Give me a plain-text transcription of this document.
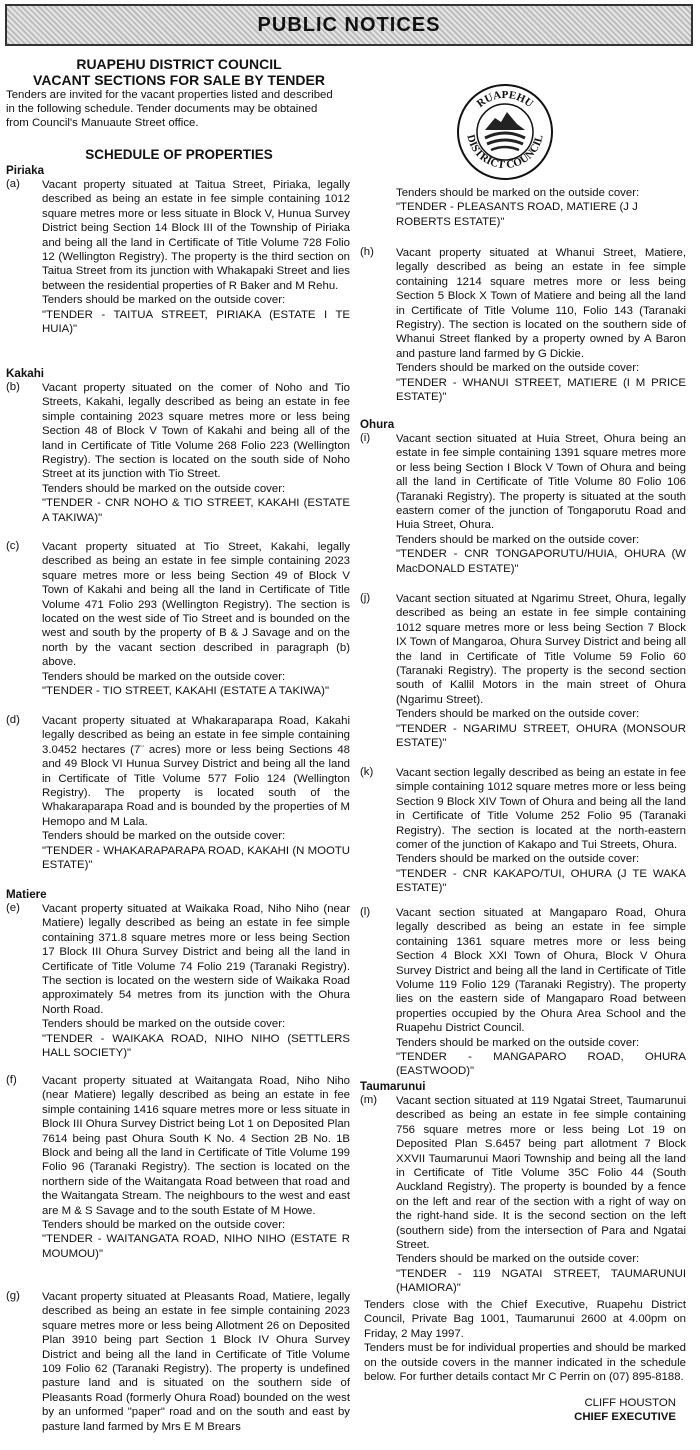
PUBLIC NOTICES
RUAPEHU DISTRICT COUNCIL
VACANT SECTIONS FOR SALE BY TENDER
Tenders are invited for the vacant properties listed and described in the following schedule. Tender documents may be obtained from Council's Manuaute Street office.
SCHEDULE OF PROPERTIES
Piriaka
(a) Vacant property situated at Taitua Street, Piriaka, legally described as being an estate in fee simple containing 1012 square metres more or less situate in Block V, Hunua Survey District being Section 14 Block III of the Township of Piriaka and being all the land in Certificate of Title Volume 728 Folio 12 (Wellington Registry). The property is the third section on Taitua Street from its junction with Whakapaki Street and lies between the residential properties of R Baker and M Rehu.

Tenders should be marked on the outside cover:

"TENDER - TAITUA STREET, PIRIAKA (ESTATE I TE HUIA)"

Kakahi
(b) Vacant property situated on the comer of Noho and Tio Streets, Kakahi, legally described as being an estate in fee simple containing 2023 square metres more or less being Section 48 of Block V Town of Kakahi and being all of the land in Certificate of Title Volume 268 Folio 223 (Wellington Registry). The section is located on the south side of Noho Street at its junction with Tio Street.

Tenders should be marked on the outside cover:

"TENDER - CNR NOHO & TIO STREET, KAKAHI (ESTATE A TAKIWA)"

(c) Vacant property situated at Tio Street, Kakahi, legally described as being an estate in fee simple containing 2023 square metres more or less being Section 49 of Block V Town of Kakahi and being all the land in Certificate of Title Volume 471 Folio 293 (Wellington Registry). The section is located on the west side of Tio Street and is bounded on the west and south by the property of B & J Savage and on the north by the vacant section described in paragraph (b) above.

Tenders should be marked on the outside cover:

"TENDER - TIO STREET, KAKAHI (ESTATE A TAKIWA)"

(d) Vacant property situated at Whakaraparapa Road, Kakahi legally described as being an estate in fee simple containing 3.0452 hectares (7¨ acres) more or less being Sections 48 and 49 Block VI Hunua Survey District and being all the land in Certificate of Title Volume 577 Folio 124 (Wellington Registry). The property is located south of the Whakaraparapa Road and is bounded by the properties of M Hemopo and M Lala.

Tenders should be marked on the outside cover:

"TENDER - WHAKARAPARAPA ROAD, KAKAHI (N MOOTU ESTATE)"

Matiere
(e) Vacant property situated at Waikaka Road, Niho Niho (near Matiere) legally described as being an estate in fee simple containing 371.8 square metres more or less being Section 17 Block III Ohura Survey District and being all the land in Certificate of Title Volume 74 Folio 219 (Taranaki Registry). The section is located on the western side of Waikaka Road approximately 54 metres from its junction with the Ohura North Road.

Tenders should be marked on the outside cover:

"TENDER - WAIKAKA ROAD, NIHO NIHO (SETTLERS HALL SOCIETY)"

(f) Vacant property situated at Waitangata Road, Niho Niho (near Matiere) legally described as being an estate in fee simple containing 1416 square metres more or less situate in Block III Ohura Survey District being Lot 1 on Deposited Plan 7614 being past Ohura South K No. 4 Section 2B No. 1B Block and being all the land in Certificate of Title Volume 199 Folio 96 (Taranaki Registry). The section is located on the northern side of the Waitangata Road between that road and the Waitangata Stream. The neighbours to the west and east are M & S Savage and to the south Estate of M Howe.

Tenders should be marked on the outside cover:

"TENDER - WAITANGATA ROAD, NIHO NIHO (ESTATE R MOUMOU)"

(g) Vacant property situated at Pleasants Road, Matiere, legally described as being an estate in fee simple containing 2023 square metres more or less being Allotment 26 on Deposited Plan 3910 being part Section 1 Block IV Ohura Survey District and being all the land in Certificate of Title Volume 109 Folio 62 (Taranaki Registry). The property is undefined pasture land and is situated on the southern side of Pleasants Road (formerly Ohura Road) bounded on the west by an unformed "paper" road and on the south and east by pasture land farmed by Mrs E M Brears

RUAPEHU
DISTRICT COUNCIL

Tenders should be marked on the outside cover:

"TENDER - PLEASANTS ROAD, MATIERE (J J ROBERTS ESTATE)"

(h) Vacant property situated at Whanui Street, Matiere, legally described as being an estate in fee simple containing 1214 square metres more or less being Section 5 Block X Town of Matiere and being all the land in Certificate of Title Volume 110, Folio 143 (Taranaki Registry). The section is located on the southern side of Whanui Street flanked by a property owned by A Baron and pasture land farmed by G Dickie.

Tenders should be marked on the outside cover:

"TENDER - WHANUI STREET, MATIERE (I M PRICE ESTATE)"

Ohura
(i) Vacant section situated at Huia Street, Ohura being an estate in fee simple containing 1391 square metres more or less being Section I Block V Town of Ohura and being all the land in Certificate of Title Volume 80 Folio 106 (Taranaki Registry). The property is situated at the south eastern comer of the junction of Tongaporutu Road and Huia Street, Ohura.

Tenders should be marked on the outside cover:

"TENDER - CNR TONGAPORUTU/HUIA, OHURA (W MacDONALD ESTATE)"

(j) Vacant section situated at Ngarimu Street, Ohura, legally described as being an estate in fee simple containing 1012 square metres more or less being Section 7 Block IX Town of Mangaroa, Ohura Survey District and being all the land in Certificate of Title Volume 59 Folio 60 (Taranaki Registry). The property is the second section south of Kallil Motors in the main street of Ohura (Ngarimu Street).

Tenders should be marked on the outside cover:

"TENDER - NGARIMU STREET, OHURA (MONSOUR ESTATE)"

(k) Vacant section legally described as being an estate in fee simple containing 1012 square metres more or less being Section 9 Block XIV Town of Ohura and being all the land in Certificate of Title Volume 252 Folio 95 (Taranaki Registry). The section is located at the north-eastern comer of the junction of Kakapo and Tui Streets, Ohura.

Tenders should be marked on the outside cover:

"TENDER - CNR KAKAPO/TUI, OHURA (J TE WAKA ESTATE)"

(l) Vacant section situated at Mangaparo Road, Ohura legally described as being an estate in fee simple containing 1361 square metres more or less being Section 4 Block XXI Town of Ohura, Block V Ohura Survey District and being all the land in Certificate of Title Volume 119 Folio 129 (Taranaki Registry). The property lies on the eastern side of Mangaparo Road between properties occupied by the Ohura Area School and the Ruapehu District Council.

Tenders should be marked on the outside cover:

"TENDER - MANGAPARO ROAD, OHURA (EASTWOOD)"

Taumarunui
(m) Vacant section situated at 119 Ngatai Street, Taumarunui described as being an estate in fee simple containing 756 square metres more or less being Lot 19 on Deposited Plan S.6457 being part allotment 7 Block XXVII Taumarunui Maori Township and being all the land in Certificate of Title Volume 35C Folio 44 (South Auckland Registry). The property is bounded by a fence on the left and rear of the section with a right of way on the right-hand side. It is the second section on the left (southern side) from the intersection of Para and Ngatai Street.

Tenders should be marked on the outside cover:

"TENDER - 119 NGATAI STREET, TAUMARUNUI (HAMIORA)"

Tenders close with the Chief Executive, Ruapehu District Council, Private Bag 1001, Taumarunui 2600 at 4.00pm on Friday, 2 May 1997.

Tenders must be for individual properties and should be marked on the outside covers in the manner indicated in the schedule below. For further details contact Mr C Perrin on (07) 895-8188.

CLIFF HOUSTON
CHIEF EXECUTIVE
